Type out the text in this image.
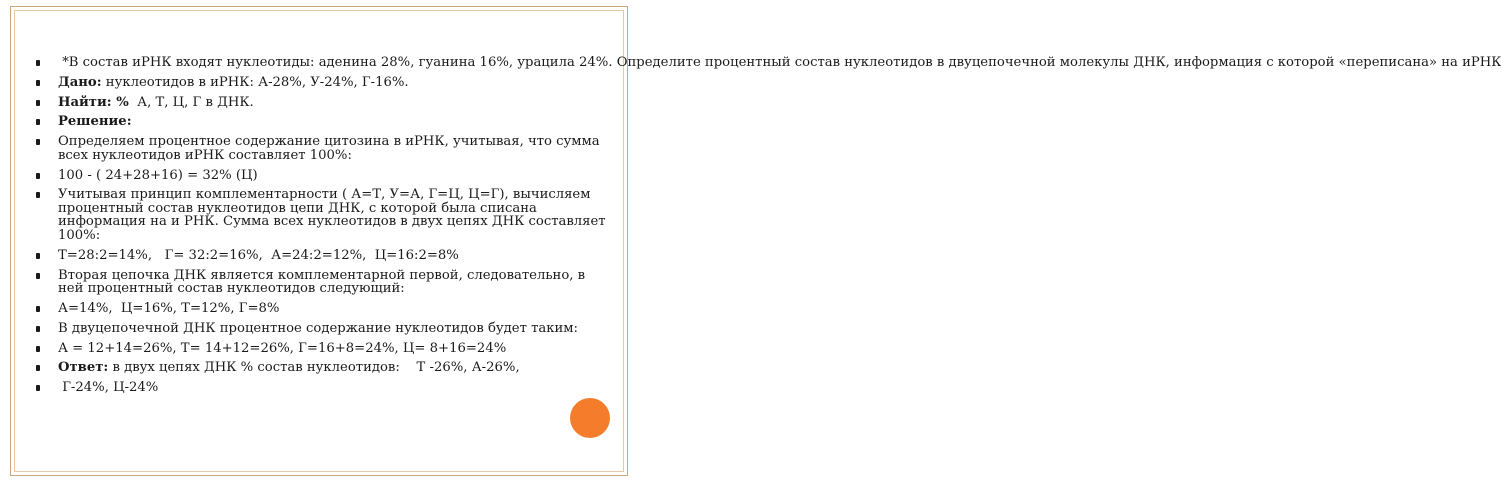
*В состав иРНК входят нуклеотиды: аденина 28%, гуанина 16%, урацила 24%. Определите процентный состав нуклеотидов в двуцепочечной молекулы ДНК, информация с которой «переписана» на иРНК
Дано: нуклеотидов в иРНК: А-28%, У-24%, Г-16%.
Найти: %  А, Т, Ц, Г в ДНК.
Решение:
Определяем процентное содержание цитозина в иРНК, учитывая, что сумма всех нуклеотидов иРНК составляет 100%:
100 - ( 24+28+16) = 32% (Ц)
Учитывая принцип комплементарности ( А=Т, У=А, Г=Ц, Ц=Г), вычисляем процентный состав нуклеотидов цепи ДНК, с которой была списана информация на и РНК. Сумма всех нуклеотидов в двух цепях ДНК составляет 100%:
Т=28:2=14%,   Г= 32:2=16%,  А=24:2=12%,  Ц=16:2=8%
Вторая цепочка ДНК является комплементарной первой, следовательно, в ней процентный состав нуклеотидов следующий:
А=14%,  Ц=16%, Т=12%, Г=8%
В двуцепочечной ДНК процентное содержание нуклеотидов будет таким:
А = 12+14=26%, Т= 14+12=26%, Г=16+8=24%, Ц= 8+16=24%
Ответ: в двух цепях ДНК % состав нуклеотидов:    Т -26%, А-26%,
Г-24%, Ц-24%
